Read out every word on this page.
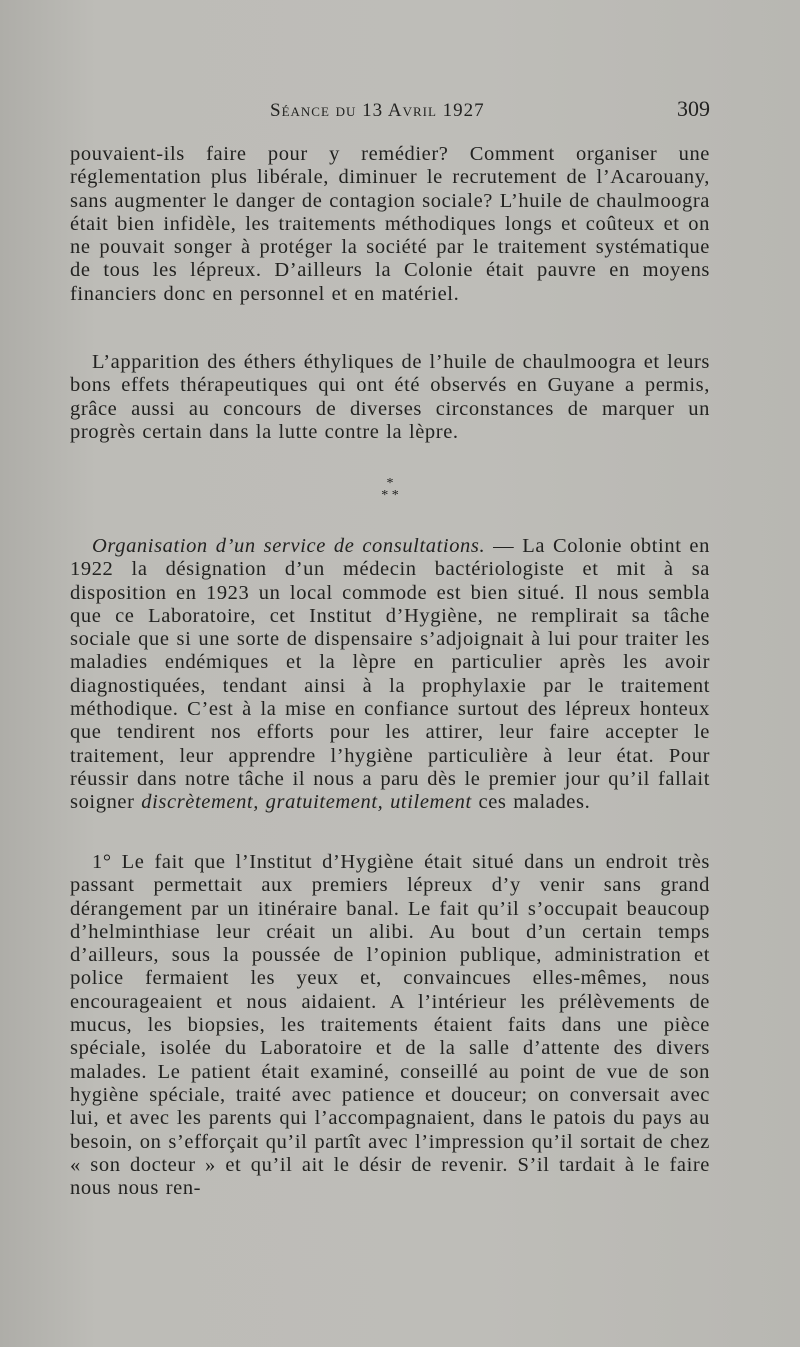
Séance du 13 Avril 1927	309

pouvaient-ils faire pour y remédier? Comment organiser une réglementation plus libérale, diminuer le recrutement de l’Acarouany, sans augmenter le danger de contagion sociale? L’huile de chaulmoogra était bien infidèle, les traitements méthodiques longs et coûteux et on ne pouvait songer à protéger la société par le traitement systématique de tous les lépreux. D’ailleurs la Colonie était pauvre en moyens financiers donc en personnel et en matériel.

L’apparition des éthers éthyliques de l’huile de chaulmoogra et leurs bons effets thérapeutiques qui ont été observés en Guyane a permis, grâce aussi au concours de diverses circonstances de marquer un progrès certain dans la lutte contre la lèpre.

*
* *

Organisation d’un service de consultations. — La Colonie obtint en 1922 la désignation d’un médecin bactériologiste et mit à sa disposition en 1923 un local commode est bien situé. Il nous sembla que ce Laboratoire, cet Institut d’Hygiène, ne remplirait sa tâche sociale que si une sorte de dispensaire s’adjoignait à lui pour traiter les maladies endémiques et la lèpre en particulier après les avoir diagnostiquées, tendant ainsi à la prophylaxie par le traitement méthodique. C’est à la mise en confiance surtout des lépreux honteux que tendirent nos efforts pour les attirer, leur faire accepter le traitement, leur apprendre l’hygiène particulière à leur état. Pour réussir dans notre tâche il nous a paru dès le premier jour qu’il fallait soigner discrètement, gratuitement, utilement ces malades.

1° Le fait que l’Institut d’Hygiène était situé dans un endroit très passant permettait aux premiers lépreux d’y venir sans grand dérangement par un itinéraire banal. Le fait qu’il s’occupait beaucoup d’helminthiase leur créait un alibi. Au bout d’un certain temps d’ailleurs, sous la poussée de l’opinion publique, administration et police fermaient les yeux et, convaincues elles-mêmes, nous encourageaient et nous aidaient. A l’intérieur les prélèvements de mucus, les biopsies, les traitements étaient faits dans une pièce spéciale, isolée du Laboratoire et de la salle d’attente des divers malades. Le patient était examiné, conseillé au point de vue de son hygiène spéciale, traité avec patience et douceur; on conversait avec lui, et avec les parents qui l’accompagnaient, dans le patois du pays au besoin, on s’efforçait qu’il partît avec l’impression qu’il sortait de chez « son docteur » et qu’il ait le désir de revenir. S’il tardait à le faire nous nous ren-
